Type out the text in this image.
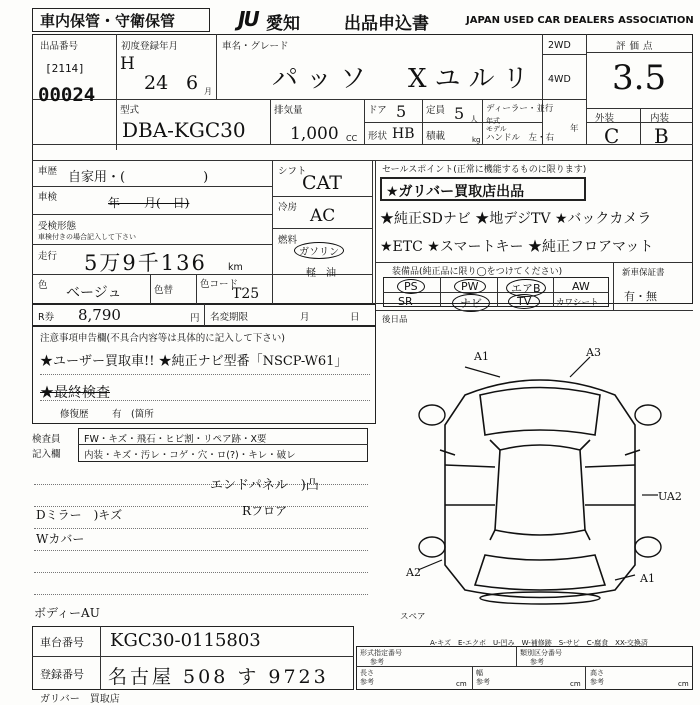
車内保管・守衛保管	JU 愛知	出品申込書	JAPAN USED CAR DEALERS ASSOCIATION
出品番号
[2114]
00024
初度登録年月
H
24 6 月
車名・グレード
パッソ　Xユルリ
2WD
4WD
評価点
3.5
型式
DBA-KGC30
排気量
1,000 CC
ドア 5 定員 5 人
ディーラー・並行
年式
モデル	年
形状 HB 積載	kg ハンドル　左・右
外装	内装
C B
車歴 自家用・(　　　　　　)
車検	年　　月(　日)
受検形態
車検付きの場合記入して下さい
走行 5万9千136 km
色 ベージュ	色替
色コード
T25
シフト
CAT
冷房 AC
燃料
ガソリン
軽　油
セールスポイント(正常に機能するものに限ります)
★ガリバー買取店出品
★純正SDナビ ★地デジTV ★バックカメラ
★ETC ★スマートキー ★純正フロアマット
装備品(純正品に限り◯をつけてください)	新車保証書
有・無
PS	PW	エアB	AW
SR	ナビ	TV	カワシート
R券 8,790	円 名変期限	月	日	後日品
注意事項申告欄(不具合内容等は具体的に記入して下さい)
★ユーザー買取車!! ★純正ナビ型番「NSCP-W61」
★最終検査
修復歴 有　(箇所
検査員
記入欄
FW・キズ・飛石・ヒビ割・リペア跡・X要
内装・キズ・汚レ・コゲ・穴・ロ(?)・キレ・破レ
エンドパネル　)凸
Rフロア
Dミラー　)キズ
Wカバー
ボディーAU
A1	A3
UA2
A2	A1
スペア
A-キズ　E-エクボ　U-凹み　W-補修跡　S-サビ　C-腐食　XX-交換済
車台番号 KGC30-0115803
登録番号 名古屋 508 す 9723
ガリバー　買取店
形式指定番号
参考
類別区分番号
参考
長さ
参考	cm
幅
参考	cm
高さ
参考	cm
